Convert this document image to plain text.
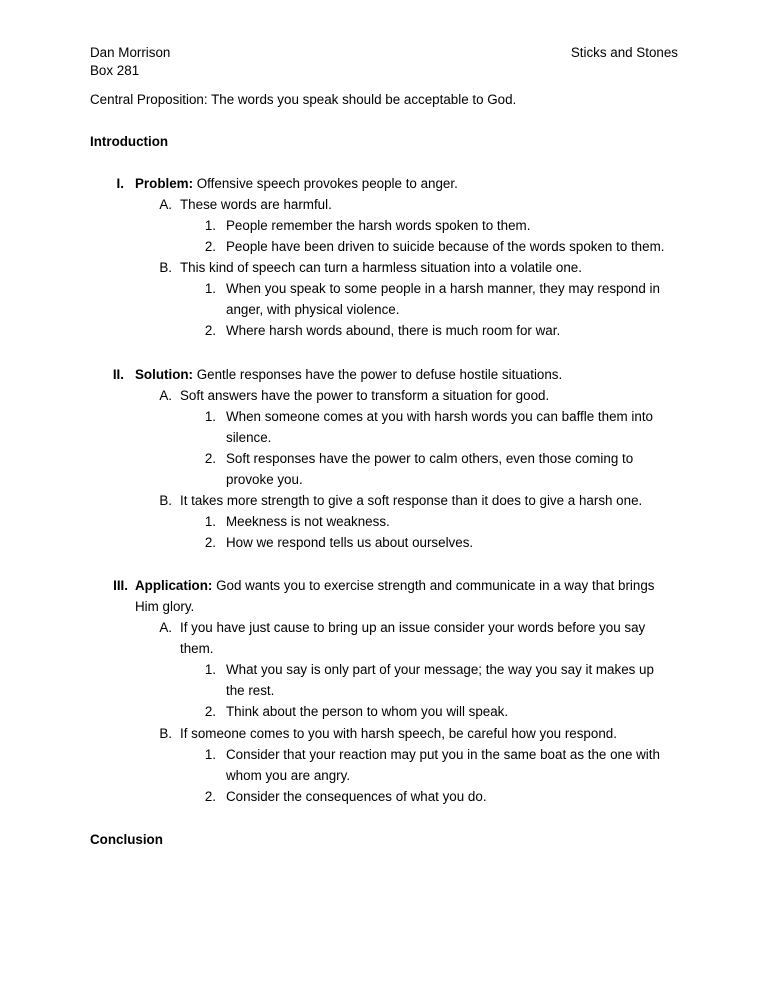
Dan Morrison
Box 281
Sticks and Stones
Central Proposition: The words you speak should be acceptable to God.
Introduction
I. Problem: Offensive speech provokes people to anger.
A. These words are harmful.
1. People remember the harsh words spoken to them.
2. People have been driven to suicide because of the words spoken to them.
B. This kind of speech can turn a harmless situation into a volatile one.
1. When you speak to some people in a harsh manner, they may respond in
anger, with physical violence.
2. Where harsh words abound, there is much room for war.
II. Solution: Gentle responses have the power to defuse hostile situations.
A. Soft answers have the power to transform a situation for good.
1. When someone comes at you with harsh words you can baffle them into
silence.
2. Soft responses have the power to calm others, even those coming to
provoke you.
B. It takes more strength to give a soft response than it does to give a harsh one.
1. Meekness is not weakness.
2. How we respond tells us about ourselves.
III. Application: God wants you to exercise strength and communicate in a way that brings
Him glory.
A. If you have just cause to bring up an issue consider your words before you say
them.
1. What you say is only part of your message; the way you say it makes up
the rest.
2. Think about the person to whom you will speak.
B. If someone comes to you with harsh speech, be careful how you respond.
1. Consider that your reaction may put you in the same boat as the one with
whom you are angry.
2. Consider the consequences of what you do.
Conclusion
